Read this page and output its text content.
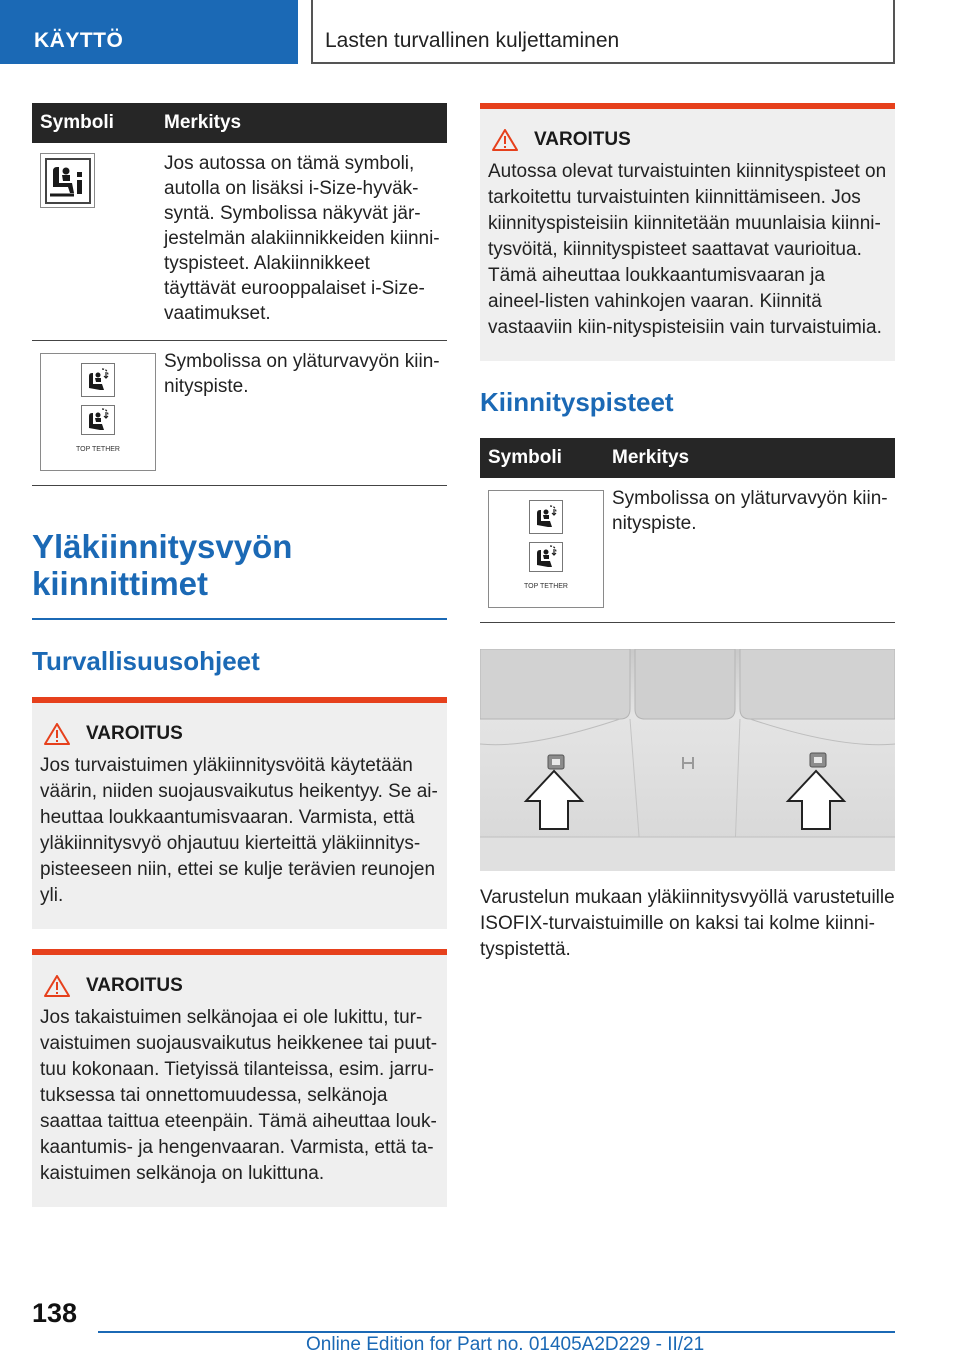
KÄYTTÖ	Lasten turvallinen kuljettaminen
Symboli	Merkitys

	Jos autossa on tämä symboli, autolla on lisäksi i-Size-hyväk-syntä. Symbolissa näkyvät jär-jestelmän alakiinnikkeiden kiinni-tyspisteet. Alakiinnikkeet täyttävät eurooppalaiset i-Size-vaatimukset.

TOP TETHER	Symbolissa on yläturvavyön kiin-nityspiste.
Yläkiinnitysvyön kiinnittimet
Turvallisuusohjeet
VAROITUS
Jos turvaistuimen yläkiinnitysvöitä käytetään väärin, niiden suojausvaikutus heikentyy. Se ai-heuttaa loukkaantumisvaaran. Varmista, että yläkiinnitysvyö ohjautuu kierteittä yläkiinnitys-pisteeseen niin, ettei se kulje terävien reunojen yli.
VAROITUS
Jos takaistuimen selkänojaa ei ole lukittu, tur-vaistuimen suojausvaikutus heikkenee tai puut-tuu kokonaan. Tietyissä tilanteissa, esim. jarru-tuksessa tai onnettomuudessa, selkänoja saattaa taittua eteenpäin. Tämä aiheuttaa louk-kaantumis- ja hengenvaaran. Varmista, että ta-kaistuimen selkänoja on lukittuna.
VAROITUS
Autossa olevat turvaistuinten kiinnityspisteet on tarkoitettu turvaistuinten kiinnittämiseen. Jos kiinnityspisteisiin kiinnitetään muunlaisia kiinni-tysvöitä, kiinnityspisteet saattavat vaurioitua. Tämä aiheuttaa loukkaantumisvaaran ja aineel-listen vahinkojen vaaran. Kiinnitä vastaaviin kiin-nityspisteisiin vain turvaistuimia.
Kiinnityspisteet
Symboli	Merkitys

TOP TETHER	Symbolissa on yläturvavyön kiin-nityspiste.
Varustelun mukaan yläkiinnitysvyöllä varustetuille ISOFIX-turvaistuimille on kaksi tai kolme kiinni-tyspistettä.
138
Online Edition for Part no. 01405A2D229 - II/21
